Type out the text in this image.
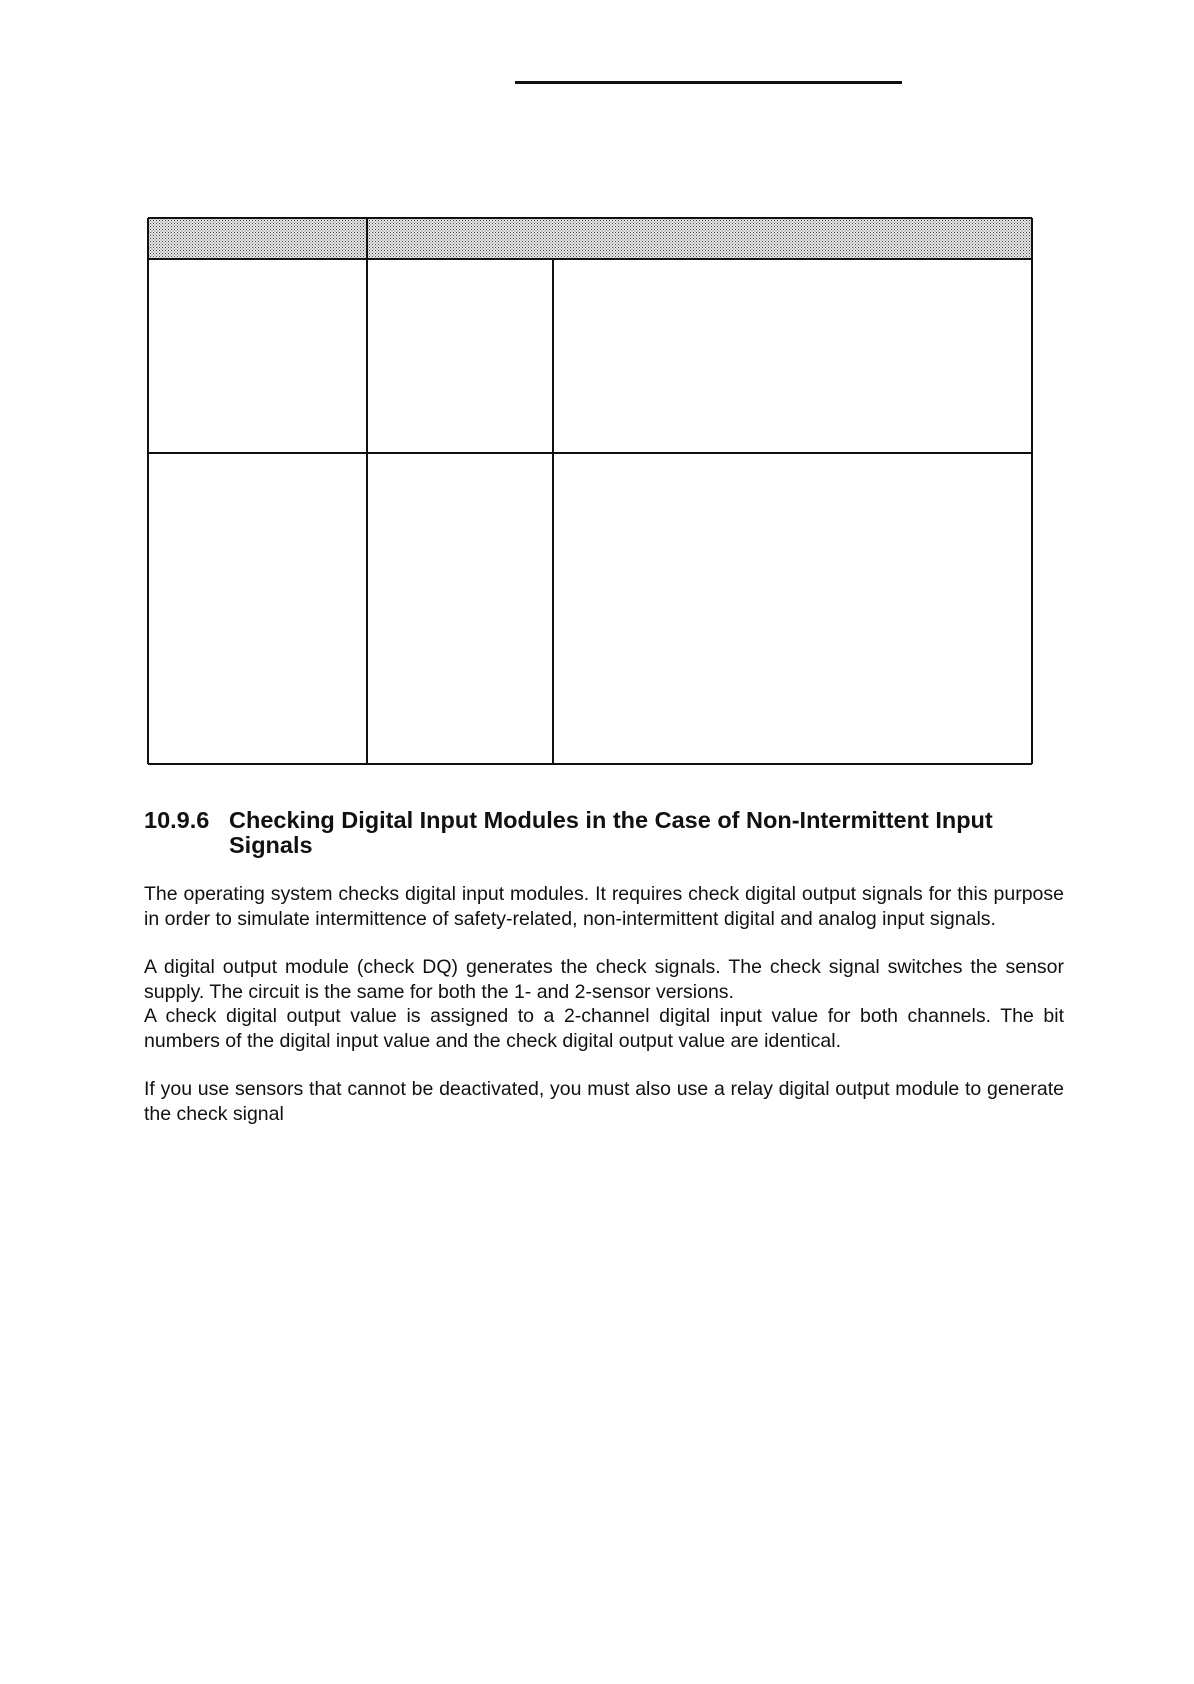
10.9.6 Checking Digital Input Modules in the Case of Non-Intermittent Input Signals

The operating system checks digital input modules. It requires check digital output signals for this purpose in order to simulate intermittence of safety-related, non-intermittent digital and analog input signals.

A digital output module (check DQ) generates the check signals. The check signal switches the sensor supply. The circuit is the same for both the 1- and 2-sensor versions.

A check digital output value is assigned to a 2-channel digital input value for both channels. The bit numbers of the digital input value and the check digital output value are identical.

If you use sensors that cannot be deactivated, you must also use a relay digital output module to generate the check signal
